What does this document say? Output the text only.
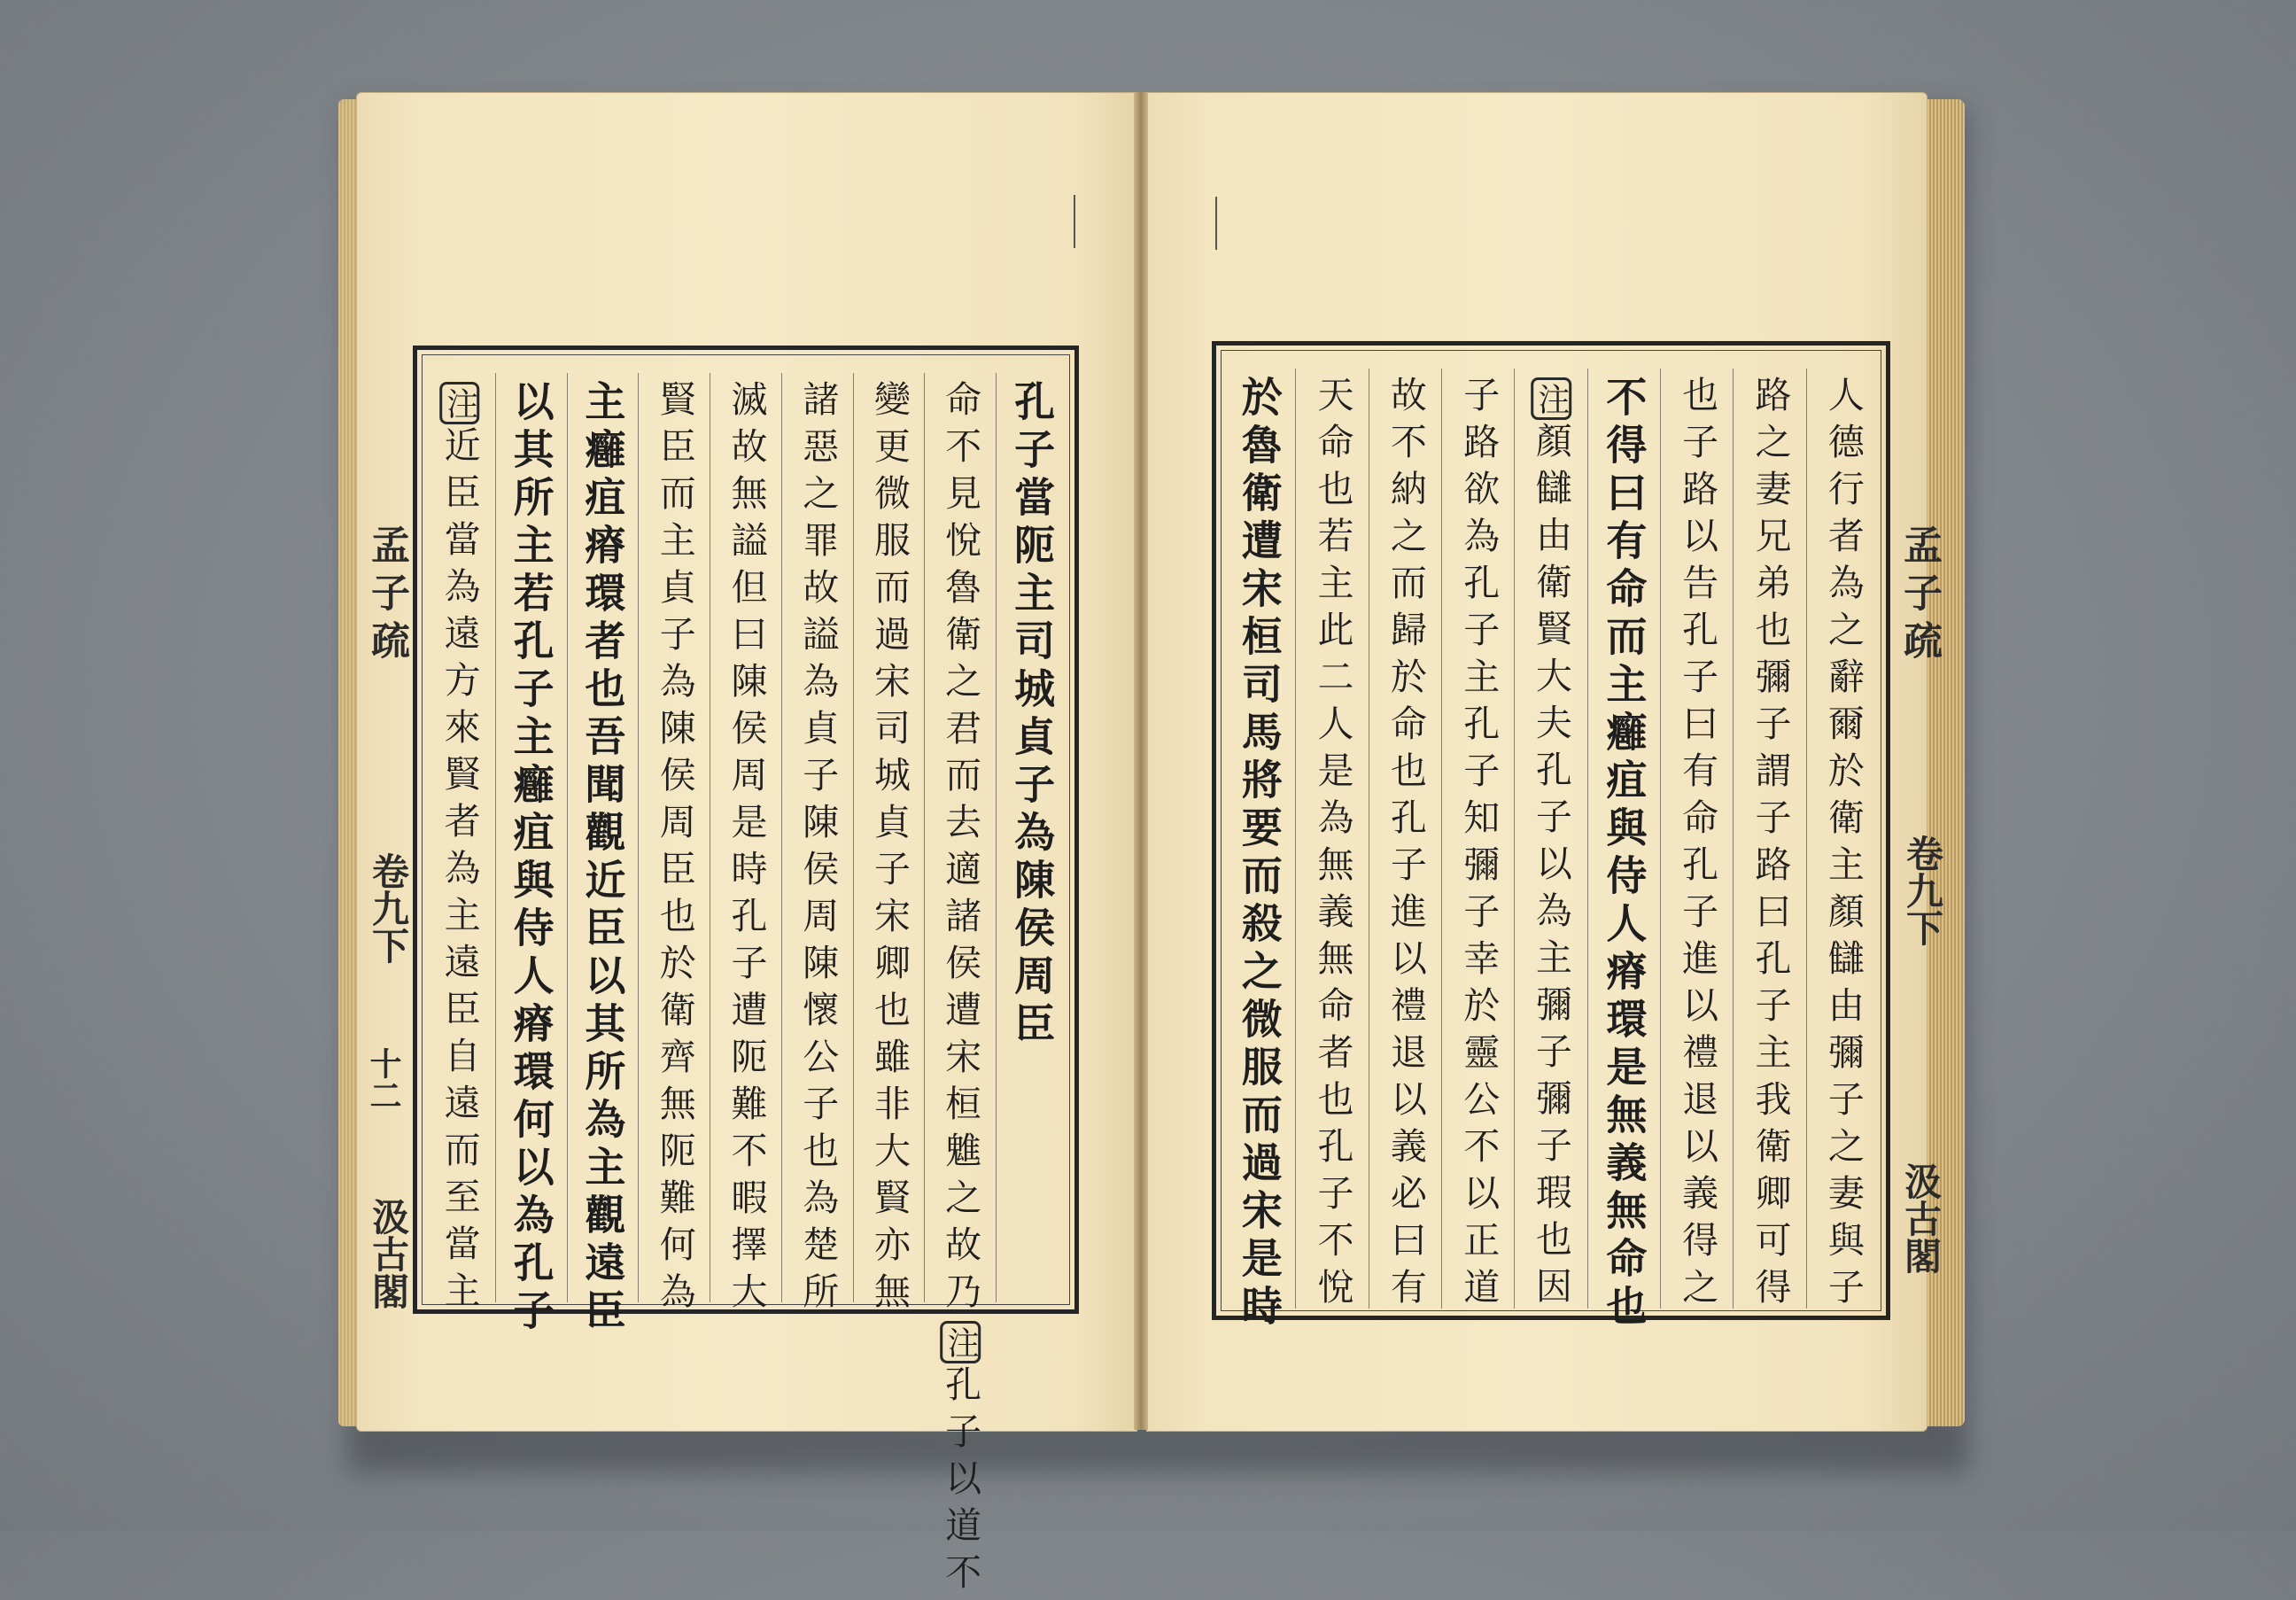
孔子當阨主司城貞子為陳侯周臣
命不見悅魯衛之君而去適諸侯遭宋桓魋之故乃注孔子以道不
變更微服而過宋司城貞子宋卿也雖非大賢亦無
諸惡之罪故謚為貞子陳侯周陳懷公子也為楚所
滅故無謚但曰陳侯周是時孔子遭阨難不暇擇大
賢臣而主貞子為陳侯周臣也於衛齊無阨難何為
主癰疽瘠環者也吾聞觀近臣以其所為主觀遠臣
以其所主若孔子主癰疽與侍人瘠環何以為孔子
注近臣當為遠方來賢者為主遠臣自遠而至當主	人德行者為之辭爾於衛主顏讎由彌子之妻與子
路之妻兄弟也彌子謂子路曰孔子主我衛卿可得
也子路以告孔子曰有命孔子進以禮退以義得之
不得曰有命而主癰疽與侍人瘠環是無義無命也
注顏讎由衛賢大夫孔子以為主彌子彌子瑕也因
子路欲為孔子主孔子知彌子幸於靈公不以正道
故不納之而歸於命也孔子進以禮退以義必曰有
天命也若主此二人是為無義無命者也孔子不悅
於魯衛遭宋桓司馬將要而殺之微服而過宋是時
孟子疏
卷九下
十二
汲古閣
孟子疏
卷九下
汲古閣
